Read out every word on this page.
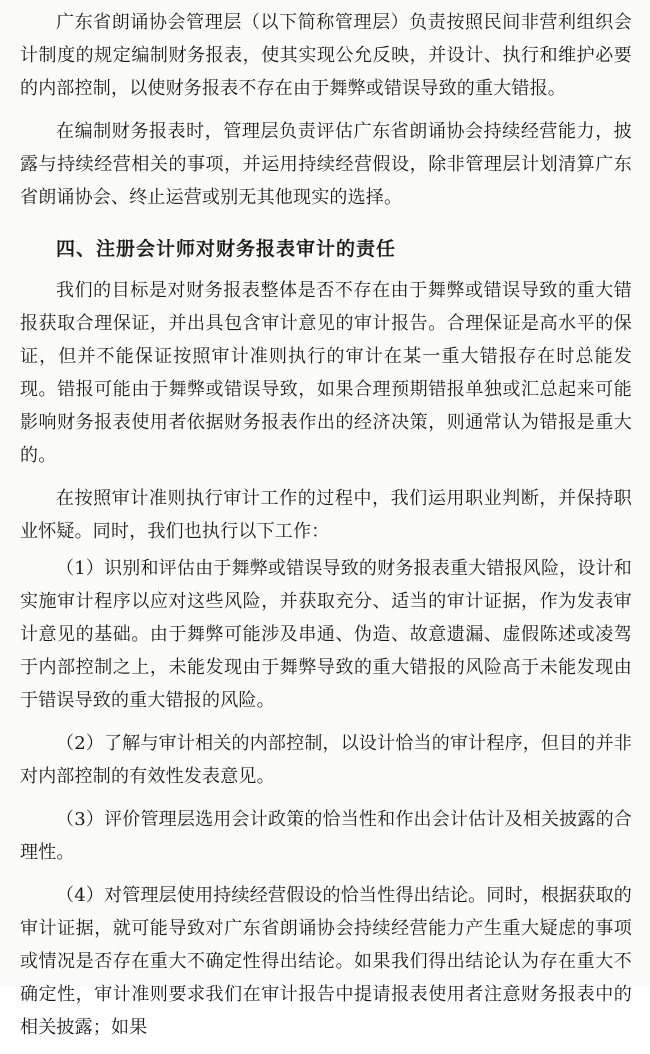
广东省朗诵协会管理层（以下简称管理层）负责按照民间非营利组织会计制度的规定编制财务报表，使其实现公允反映，并设计、执行和维护必要的内部控制，以使财务报表不存在由于舞弊或错误导致的重大错报。

在编制财务报表时，管理层负责评估广东省朗诵协会持续经营能力，披露与持续经营相关的事项，并运用持续经营假设，除非管理层计划清算广东省朗诵协会、终止运营或别无其他现实的选择。

四、注册会计师对财务报表审计的责任

我们的目标是对财务报表整体是否不存在由于舞弊或错误导致的重大错报获取合理保证，并出具包含审计意见的审计报告。合理保证是高水平的保证，但并不能保证按照审计准则执行的审计在某一重大错报存在时总能发现。错报可能由于舞弊或错误导致，如果合理预期错报单独或汇总起来可能影响财务报表使用者依据财务报表作出的经济决策，则通常认为错报是重大的。

在按照审计准则执行审计工作的过程中，我们运用职业判断，并保持职业怀疑。同时，我们也执行以下工作：

（1）识别和评估由于舞弊或错误导致的财务报表重大错报风险，设计和实施审计程序以应对这些风险，并获取充分、适当的审计证据，作为发表审计意见的基础。由于舞弊可能涉及串通、伪造、故意遗漏、虚假陈述或凌驾于内部控制之上，未能发现由于舞弊导致的重大错报的风险高于未能发现由于错误导致的重大错报的风险。

（2）了解与审计相关的内部控制，以设计恰当的审计程序，但目的并非对内部控制的有效性发表意见。

（3）评价管理层选用会计政策的恰当性和作出会计估计及相关披露的合理性。

（4）对管理层使用持续经营假设的恰当性得出结论。同时，根据获取的审计证据，就可能导致对广东省朗诵协会持续经营能力产生重大疑虑的事项或情况是否存在重大不确定性得出结论。如果我们得出结论认为存在重大不确定性，审计准则要求我们在审计报告中提请报表使用者注意财务报表中的相关披露；如果
